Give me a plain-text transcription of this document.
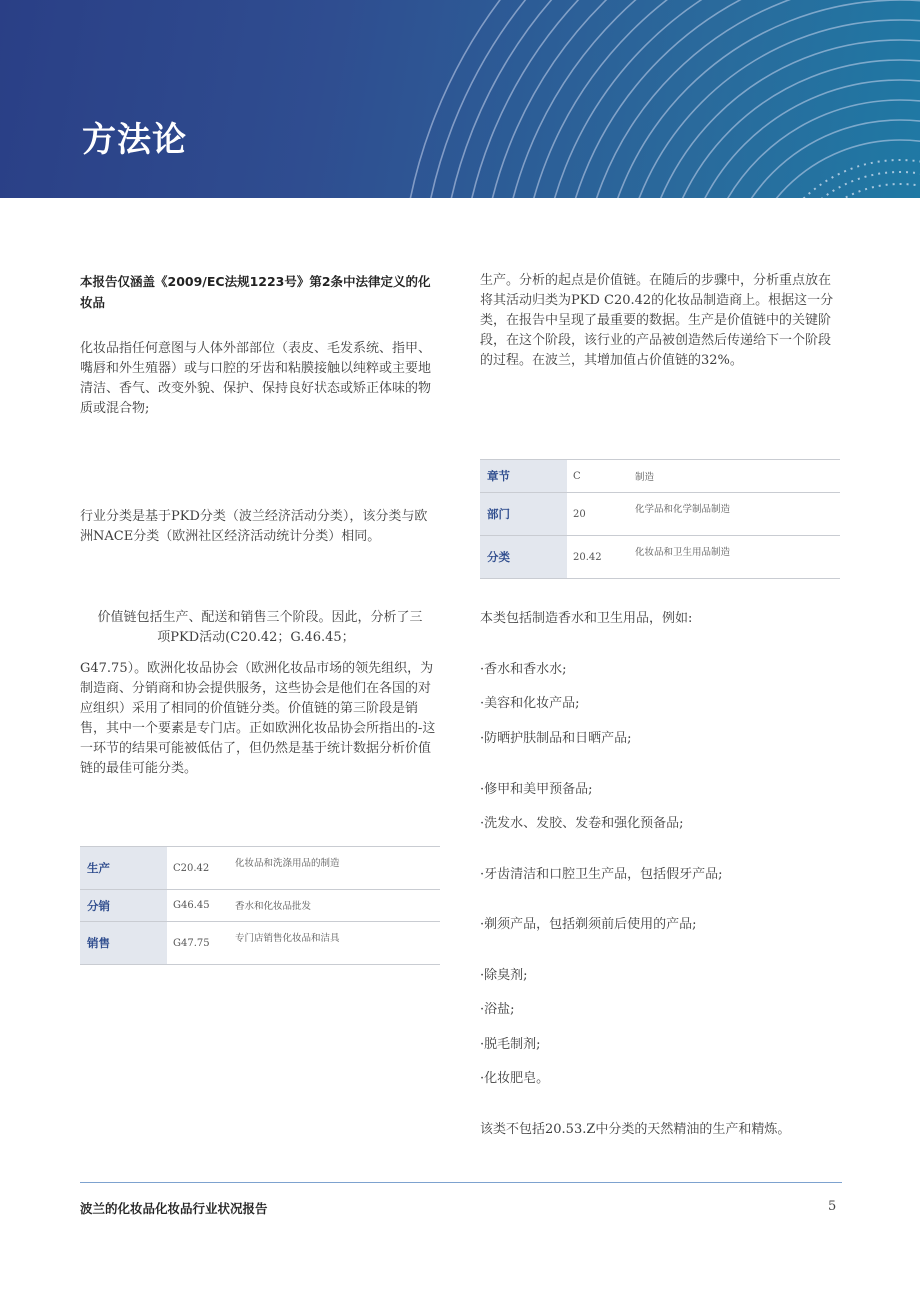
方法论
本报告仅涵盖《2009/EC法规1223号》第2条中法律定义的化妆品
化妆品指任何意图与人体外部部位（表皮、毛发系统、指甲、嘴唇和外生殖器）或与口腔的牙齿和粘膜接触以纯粹或主要地清洁、香气、改变外貌、保护、保持良好状态或矫正体味的物质或混合物;
行业分类是基于PKD分类（波兰经济活动分类），该分类与欧洲NACE分类（欧洲社区经济活动统计分类）相同。
价值链包括生产、配送和销售三个阶段。因此，分析了三
项PKD活动(C20.42；G.46.45；
G47.75）。欧洲化妆品协会（欧洲化妆品市场的领先组织，为制造商、分销商和协会提供服务，这些协会是他们在各国的对应组织）采用了相同的价值链分类。价值链的第三阶段是销售，其中一个要素是专门店。正如欧洲化妆品协会所指出的-这一环节的结果可能被低估了，但仍然是基于统计数据分析价值链的最佳可能分类。
生产	C20.42	化妆品和洗涤用品的制造
分销	G46.45	香水和化妆品批发
销售	G47.75	专门店销售化妆品和洁具
生产。分析的起点是价值链。在随后的步骤中，分析重点放在将其活动归类为PKD C20.42的化妆品制造商上。根据这一分类，在报告中呈现了最重要的数据。生产是价值链中的关键阶段，在这个阶段，该行业的产品被创造然后传递给下一个阶段的过程。在波兰，其增加值占价值链的32%。
章节	C	制造
部门	20	化学品和化学制品制造
分类	20.42	化妆品和卫生用品制造
本类包括制造香水和卫生用品，例如:
·香水和香水水;
·美容和化妆产品;
·防晒护肤制品和日晒产品;
·修甲和美甲预备品;
·洗发水、发胶、发卷和强化预备品;
·牙齿清洁和口腔卫生产品，包括假牙产品;
·剃须产品，包括剃须前后使用的产品;
·除臭剂;
·浴盐;
·脱毛制剂;
·化妆肥皂。
该类不包括20.53.Z中分类的天然精油的生产和精炼。
波兰的化妆品化妆品行业状况报告	5
